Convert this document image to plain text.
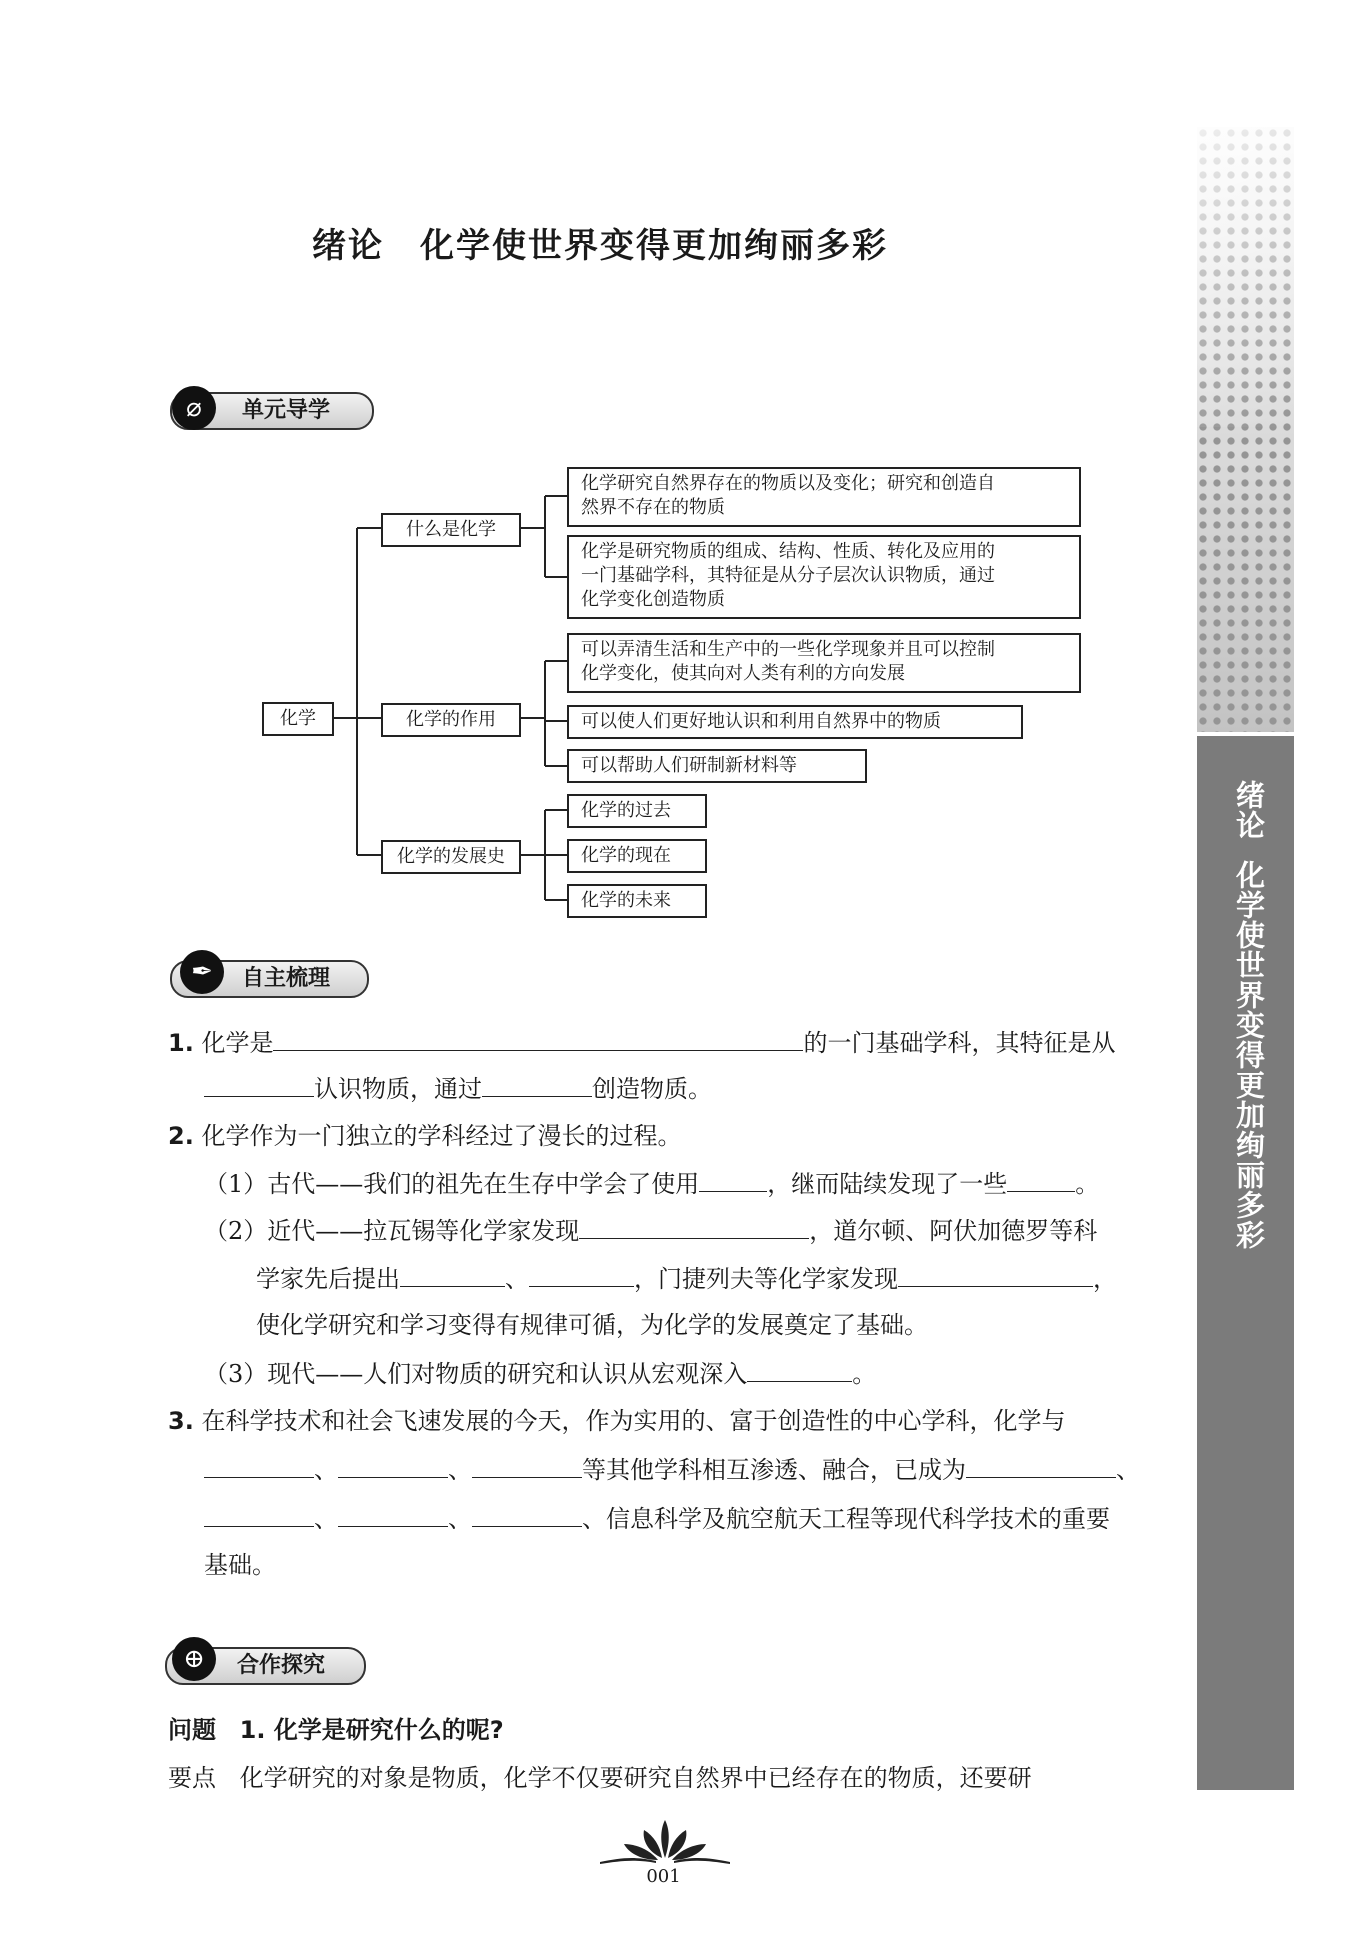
绪论　化学使世界变得更加绚丽多彩
单元导学
⌀
化学
什么是化学
化学的作用
化学的发展史
化学研究自然界存在的物质以及变化；研究和创造自
然界不存在的物质
化学是研究物质的组成、结构、性质、转化及应用的
一门基础学科，其特征是从分子层次认识物质，通过
化学变化创造物质
可以弄清生活和生产中的一些化学现象并且可以控制
化学变化，使其向对人类有利的方向发展
可以使人们更好地认识和利用自然界中的物质
可以帮助人们研制新材料等
化学的过去
化学的现在
化学的未来
自主梳理
✒
1. 化学是	的一门基础学科，其特征是从
认识物质，通过	创造物质。
2. 化学作为一门独立的学科经过了漫长的过程。
（1）古代——我们的祖先在生存中学会了使用	，继而陆续发现了一些	。
（2）近代——拉瓦锡等化学家发现	，道尔顿、阿伏加德罗等科
学家先后提出	、	，门捷列夫等化学家发现	，
使化学研究和学习变得有规律可循，为化学的发展奠定了基础。
（3）现代——人们对物质的研究和认识从宏观深入	。
3. 在科学技术和社会飞速发展的今天，作为实用的、富于创造性的中心学科，化学与
、	、	等其他学科相互渗透、融合，已成为	、
、	、	、信息科学及航空航天工程等现代科学技术的重要
基础。
合作探究
⊕
问题 1. 化学是研究什么的呢?
要点 化学研究的对象是物质，化学不仅要研究自然界中已经存在的物质，还要研
绪论
化学使世界变得更加绚丽多彩
001
